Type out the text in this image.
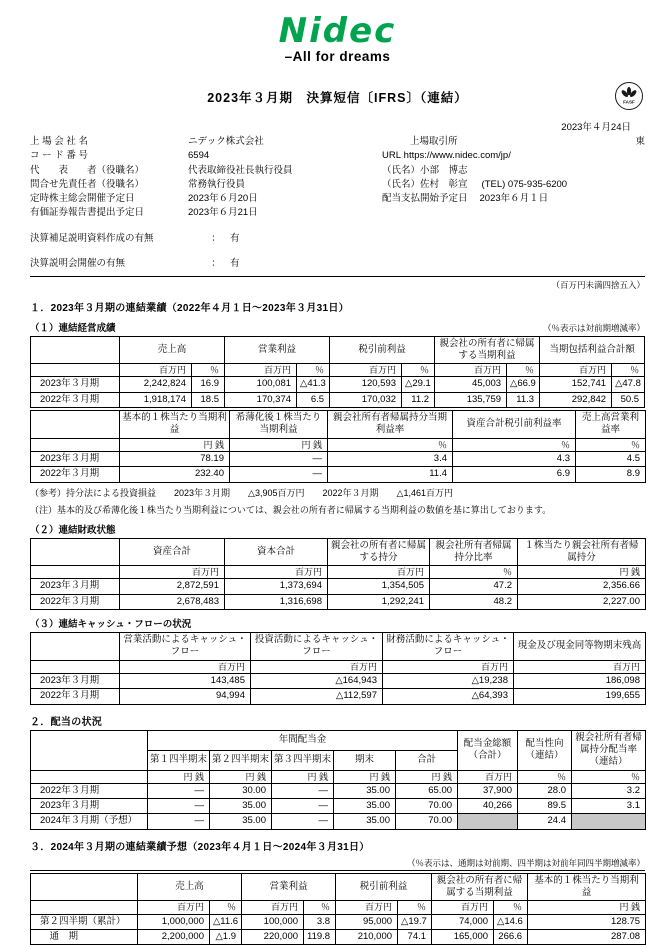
Nidec
–All for dreams
2023年３月期　決算短信〔IFRS〕（連結）	FASF
2023年４月24日
上 場 会 社 名	ニデック株式会社
コ ー ド 番 号	6594
代　　表　　者（役職名）	代表取締役社長執行役員
問合せ先責任者（役職名）	常務執行役員
定時株主総会開催予定日	2023年６月20日
有価証券報告書提出予定日	2023年６月21日
上場取引所	東
URL
https://www.nidec.com/jp/
（氏名） 小部　博志
（氏名） 佐村　彰宣 (TEL) 075-935-6200
配当支払開始予定日 2023年６月１日
決算補足説明資料作成の有無	： 有
決算説明会開催の有無	： 有
（百万円未満四捨五入）
１．2023年３月期の連結業績（2022年４月１日～2023年３月31日）
（１）連結経営成績	（％表示は対前期増減率）
	売上高		営業利益		税引前利益		親会社の所有者に帰属する当期利益		当期包括利益合計額	
	百万円	％	百万円	％	百万円	％	百万円	％	百万円	％
2023年３月期	2,242,824	16.9	100,081	△41.3	120,593	△29.1	45,003	△66.9	152,741	△47.8
2022年３月期	1,918,174	18.5	170,374	6.5	170,032	11.2	135,759	11.3	292,842	50.5
	基本的１株当たり当期利益	希薄化後１株当たり当期利益	親会社所有者帰属持分当期利益率	資産合計税引前利益率	売上高営業利益率
	円 銭	円 銭	％	％	％
2023年３月期	78.19	―	3.4	4.3	4.5
2022年３月期	232.40	―	11.4	6.9	8.9
（参考）持分法による投資損益 2023年３月期 △3,905百万円 2022年３月期 △1,461百万円
（注）基本的及び希薄化後１株当たり当期利益については、親会社の所有者に帰属する当期利益の数値を基に算出しております。
（２）連結財政状態
	資産合計	資本合計	親会社の所有者に帰属する持分	親会社所有者帰属持分比率	１株当たり親会社所有者帰属持分
	百万円	百万円	百万円	％	円 銭
2023年３月期	2,872,591	1,373,694	1,354,505	47.2	2,356.66
2022年３月期	2,678,483	1,316,698	1,292,241	48.2	2,227.00
（３）連結キャッシュ・フローの状況
	営業活動によるキャッシュ・フロー	投資活動によるキャッシュ・フロー	財務活動によるキャッシュ・フロー	現金及び現金同等物期末残高
	百万円	百万円	百万円	百万円
2023年３月期	143,485	△164,943	△19,238	186,098
2022年３月期	94,994	△112,597	△64,393	199,655
２．配当の状況
	年間配当金					配当金総額（合計）	配当性向（連結）	親会社所有者帰属持分配当率（連結）
	第１四半期末	第２四半期末	第３四半期末	期末	合計			
	円 銭	円 銭	円 銭	円 銭	円 銭	百万円	％	％
2022年３月期	―	30.00	―	35.00	65.00	37,900	28.0	3.2
2023年３月期	―	35.00	―	35.00	70.00	40,266	89.5	3.1
2024年３月期（予想）	―	35.00	―	35.00	70.00		24.4	
３．2024年３月期の連結業績予想（2023年４月１日～2024年３月31日）
（％表示は、通期は対前期、四半期は対前年同四半期増減率）
	売上高		営業利益		税引前利益		親会社の所有者に帰属する当期利益		基本的１株当たり当期利益
	百万円	％	百万円	％	百万円	％	百万円	％	円 銭
第２四半期（累計）	1,000,000	△11.6	100,000	3.8	95,000	△19.7	74,000	△14.6	128.75
　通　期	2,200,000	△1.9	220,000	119.8	210,000	74.1	165,000	266.6	287.08
